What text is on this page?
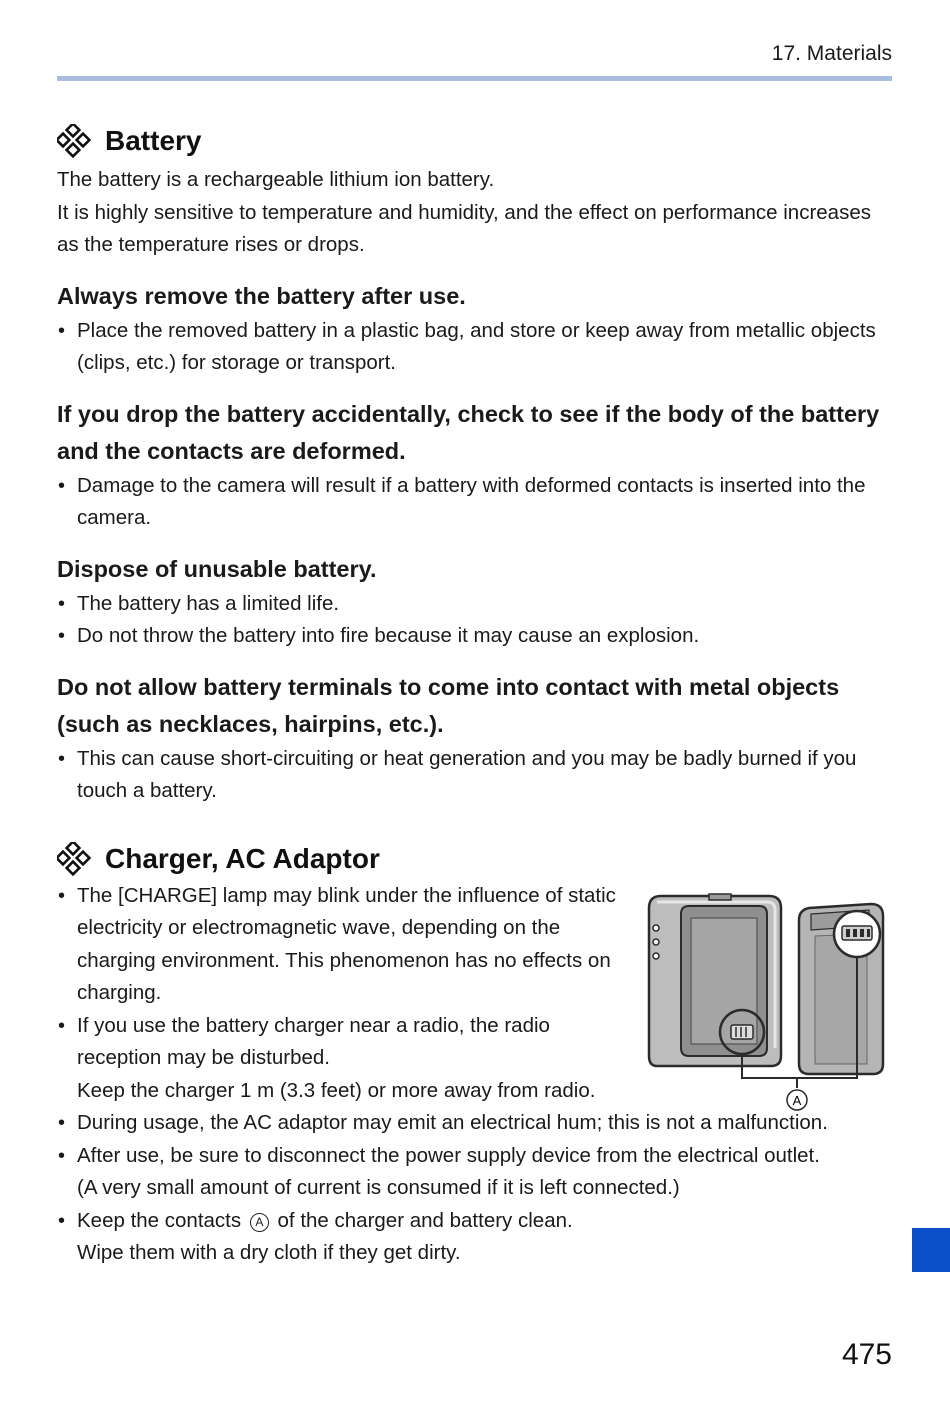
17. Materials
Battery

The battery is a rechargeable lithium ion battery.

It is highly sensitive to temperature and humidity, and the effect on performance increases as the temperature rises or drops.

Always remove the battery after use.

• Place the removed battery in a plastic bag, and store or keep away from metallic objects (clips, etc.) for storage or transport.

If you drop the battery accidentally, check to see if the body of the battery and the contacts are deformed.

• Damage to the camera will result if a battery with deformed contacts is inserted into the camera.

Dispose of unusable battery.

• The battery has a limited life.
• Do not throw the battery into fire because it may cause an explosion.

Do not allow battery terminals to come into contact with metal objects (such as necklaces, hairpins, etc.).

• This can cause short-circuiting or heat generation and you may be badly burned if you touch a battery.
Charger, AC Adaptor
• The [CHARGE] lamp may blink under the influence of static electricity or electromagnetic wave, depending on the charging environment. This phenomenon has no effects on charging.
• If you use the battery charger near a radio, the radio reception may be disturbed.
Keep the charger 1 m (3.3 feet) or more away from radio.	A
• During usage, the AC adaptor may emit an electrical hum; this is not a malfunction.
• After use, be sure to disconnect the power supply device from the electrical outlet.
(A very small amount of current is consumed if it is left connected.)
• Keep the contacts A of the charger and battery clean.
Wipe them with a dry cloth if they get dirty.
475
